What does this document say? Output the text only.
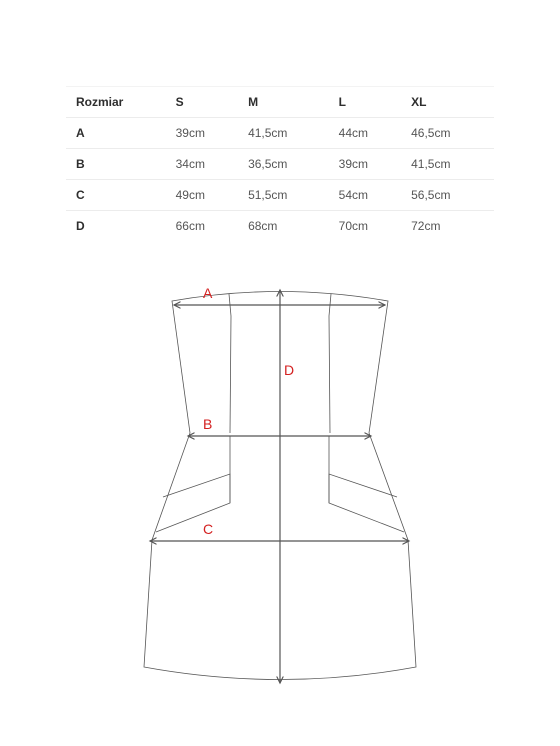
Rozmiar	S	M	L	XL
A	39cm	41,5cm	44cm	46,5cm
B	34cm	36,5cm	39cm	41,5cm
C	49cm	51,5cm	54cm	56,5cm
D	66cm	68cm	70cm	72cm
A
B
C
D
